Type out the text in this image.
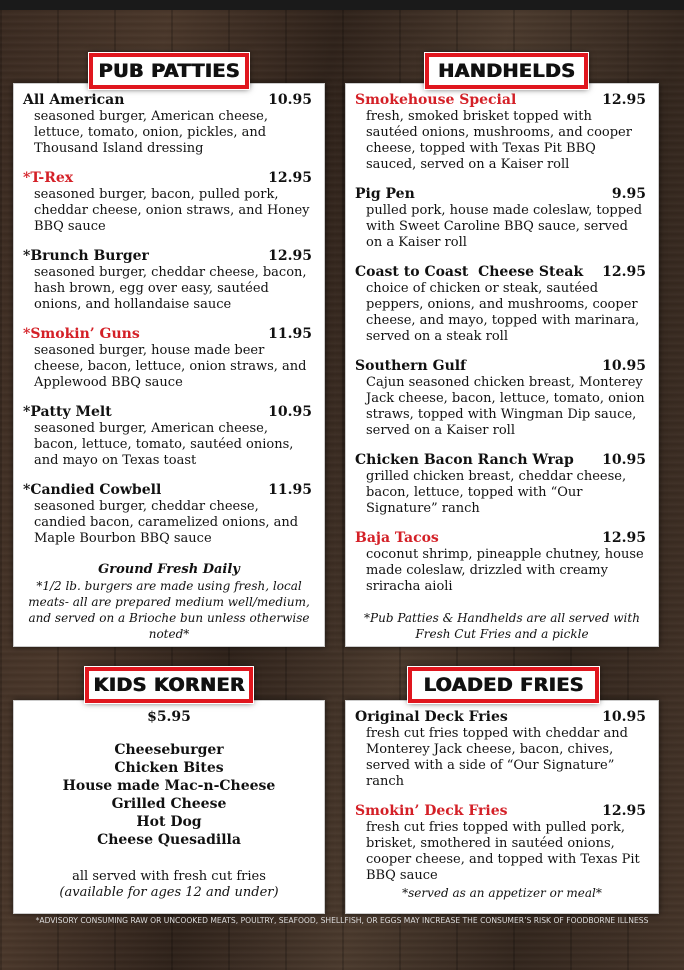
All American	10.95
seasoned burger, American cheese, lettuce, tomato, onion, pickles, and Thousand Island dressing
*T-Rex	12.95
seasoned burger, bacon, pulled pork, cheddar cheese, onion straws, and Honey BBQ sauce
*Brunch Burger	12.95
seasoned burger, cheddar cheese, bacon, hash brown, egg over easy, sautéed onions, and hollandaise sauce
*Smokin’ Guns	11.95
seasoned burger, house made beer cheese, bacon, lettuce, onion straws, and Applewood BBQ sauce
*Patty Melt	10.95
seasoned burger, American cheese, bacon, lettuce, tomato, sautéed onions, and mayo on Texas toast
*Candied Cowbell	11.95
seasoned burger, cheddar cheese, candied bacon, caramelized onions, and Maple Bourbon BBQ sauce
Ground Fresh Daily
*1/2 lb. burgers are made using fresh, local meats- all are prepared medium well/medium, and served on a Brioche bun unless otherwise noted*
PUB PATTIES
Smokehouse Special	12.95
fresh, smoked brisket topped with sautéed onions, mushrooms, and cooper cheese, topped with Texas Pit BBQ sauced, served on a Kaiser roll
Pig Pen	9.95
pulled pork, house made coleslaw, topped with Sweet Caroline BBQ sauce, served on a Kaiser roll
Coast to Coast  Cheese Steak 12.95
choice of chicken or steak, sautéed peppers, onions, and mushrooms, cooper cheese, and mayo, topped with marinara, served on a steak roll
Southern Gulf	10.95
Cajun seasoned chicken breast, Monterey Jack cheese, bacon, lettuce, tomato, onion straws, topped with Wingman Dip sauce, served on a Kaiser roll
Chicken Bacon Ranch Wrap 10.95
grilled chicken breast, cheddar cheese, bacon, lettuce, topped with “Our Signature” ranch
Baja Tacos	12.95
coconut shrimp, pineapple chutney, house made coleslaw, drizzled with creamy sriracha aioli
*Pub Patties & Handhelds are all served with Fresh Cut Fries and a pickle
HANDHELDS
$5.95
Cheeseburger
Chicken Bites
House made Mac-n-Cheese
Grilled Cheese
Hot Dog
Cheese Quesadilla
all served with fresh cut fries
(available for ages 12 and under)
KIDS KORNER
Original Deck Fries	10.95
fresh cut fries topped with cheddar and Monterey Jack cheese, bacon, chives, served with a side of “Our Signature” ranch
Smokin’ Deck Fries	12.95
fresh cut fries topped with pulled pork, brisket, smothered in sautéed onions, cooper cheese, and topped with Texas Pit BBQ sauce
*served as an appetizer or meal*
LOADED FRIES
*ADVISORY CONSUMING RAW OR UNCOOKED MEATS, POULTRY, SEAFOOD, SHELLFISH, OR EGGS MAY INCREASE THE CONSUMER’S RISK OF FOODBORNE ILLNESS
